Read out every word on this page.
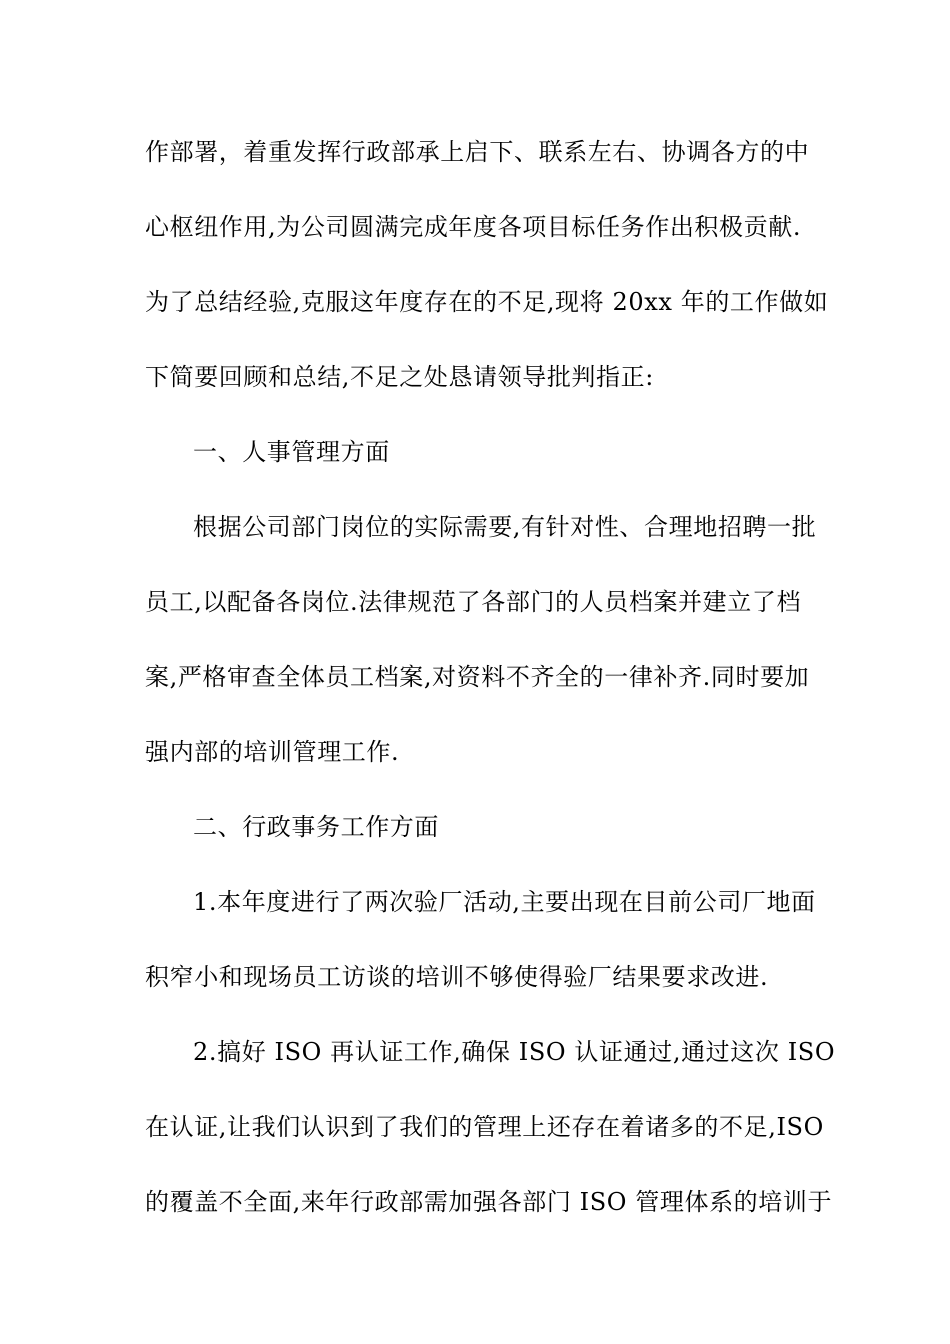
作部署，着重发挥行政部承上启下、联系左右、协调各方的中
心枢纽作用,为公司圆满完成年度各项目标任务作出积极贡献.
为了总结经验,克服这年度存在的不足,现将 20xx 年的工作做如
下简要回顾和总结,不足之处恳请领导批判指正:
一、人事管理方面
根据公司部门岗位的实际需要,有针对性、合理地招聘一批
员工,以配备各岗位.法律规范了各部门的人员档案并建立了档
案,严格审查全体员工档案,对资料不齐全的一律补齐.同时要加
强内部的培训管理工作.
二、行政事务工作方面
1.本年度进行了两次验厂活动,主要出现在目前公司厂地面
积窄小和现场员工访谈的培训不够使得验厂结果要求改进.
2.搞好 ISO 再认证工作,确保 ISO 认证通过,通过这次 ISO
在认证,让我们认识到了我们的管理上还存在着诸多的不足,ISO
的覆盖不全面,来年行政部需加强各部门 ISO 管理体系的培训于
